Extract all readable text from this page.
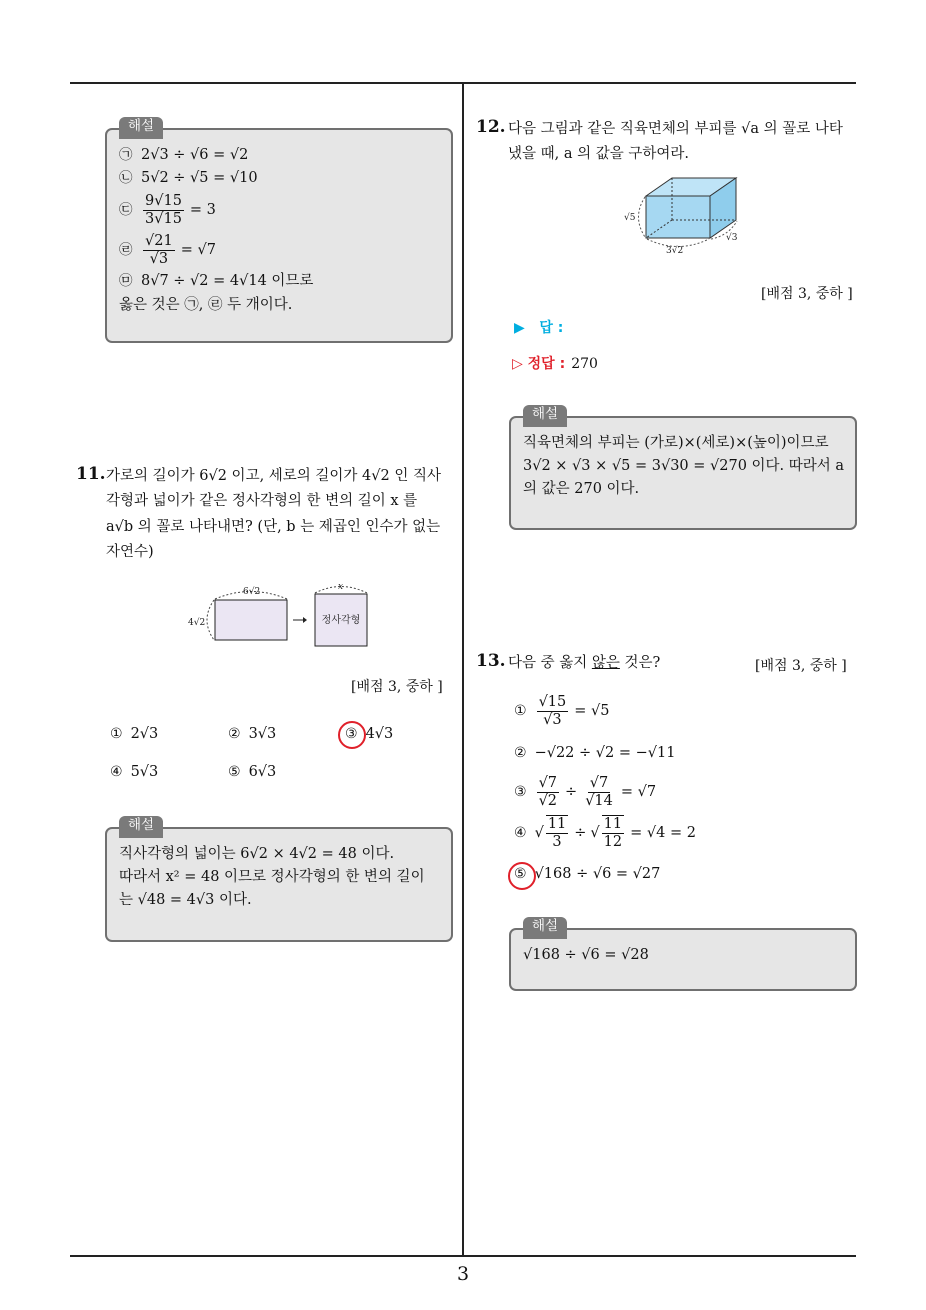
해설
㉠ 2√3 ÷ √6 = √2
㉡ 5√2 ÷ √5 = √10
㉢ $\frac{9√15}{3√15} = 3$
㉣ $\frac{√21}{√3} = √7$
㉤ 8√7 ÷ √2 = 4√14 이므로
옳은 것은 ㉠, ㉣ 두 개이다.
11. 가로의 길이가 6√2 이고, 세로의 길이가 4√2 인 직사각형과 넓이가 같은 정사각형의 한 변의 길이 x 를 a√b 의 꼴로 나타내면? (단, b 는 제곱인 인수가 없는 자연수)
6√2
4√2
x
정사각형
[배점 3, 중하 ]
① 2√3	② 3√3	③ 4√3
④ 5√3	⑤ 6√3
해설
직사각형의 넓이는 6√2 × 4√2 = 48 이다.
따라서 x² = 48 이므로 정사각형의 한 변의 길이
는 √48 = 4√3 이다.
12. 다음 그림과 같은 직육면체의 부피를 √a 의 꼴로 나타냈을 때, a 의 값을 구하여라.
√5
3√2
√3
[배점 3, 중하 ]
▶ 답 :
▷ 정답 : 270
해설
직육면체의 부피는 (가로)×(세로)×(높이)이므로
3√2 × √3 × √5 = 3√30 = √270 이다. 따라서 a
의 값은 270 이다.
13. 다음 중 옳지 않은 것은?	[배점 3, 중하 ]
① $\frac{√15}{√3} = √5$
② −√22 ÷ √2 = −√11
③ $\frac{√7}{√2} \div \frac{√7}{√14} = √7$
④ √ $\frac{11}{3}$ ÷ √ $\frac{11}{12} = √4 = 2$
⑤ √168 ÷ √6 = √27
해설
√168 ÷ √6 = √28
3
